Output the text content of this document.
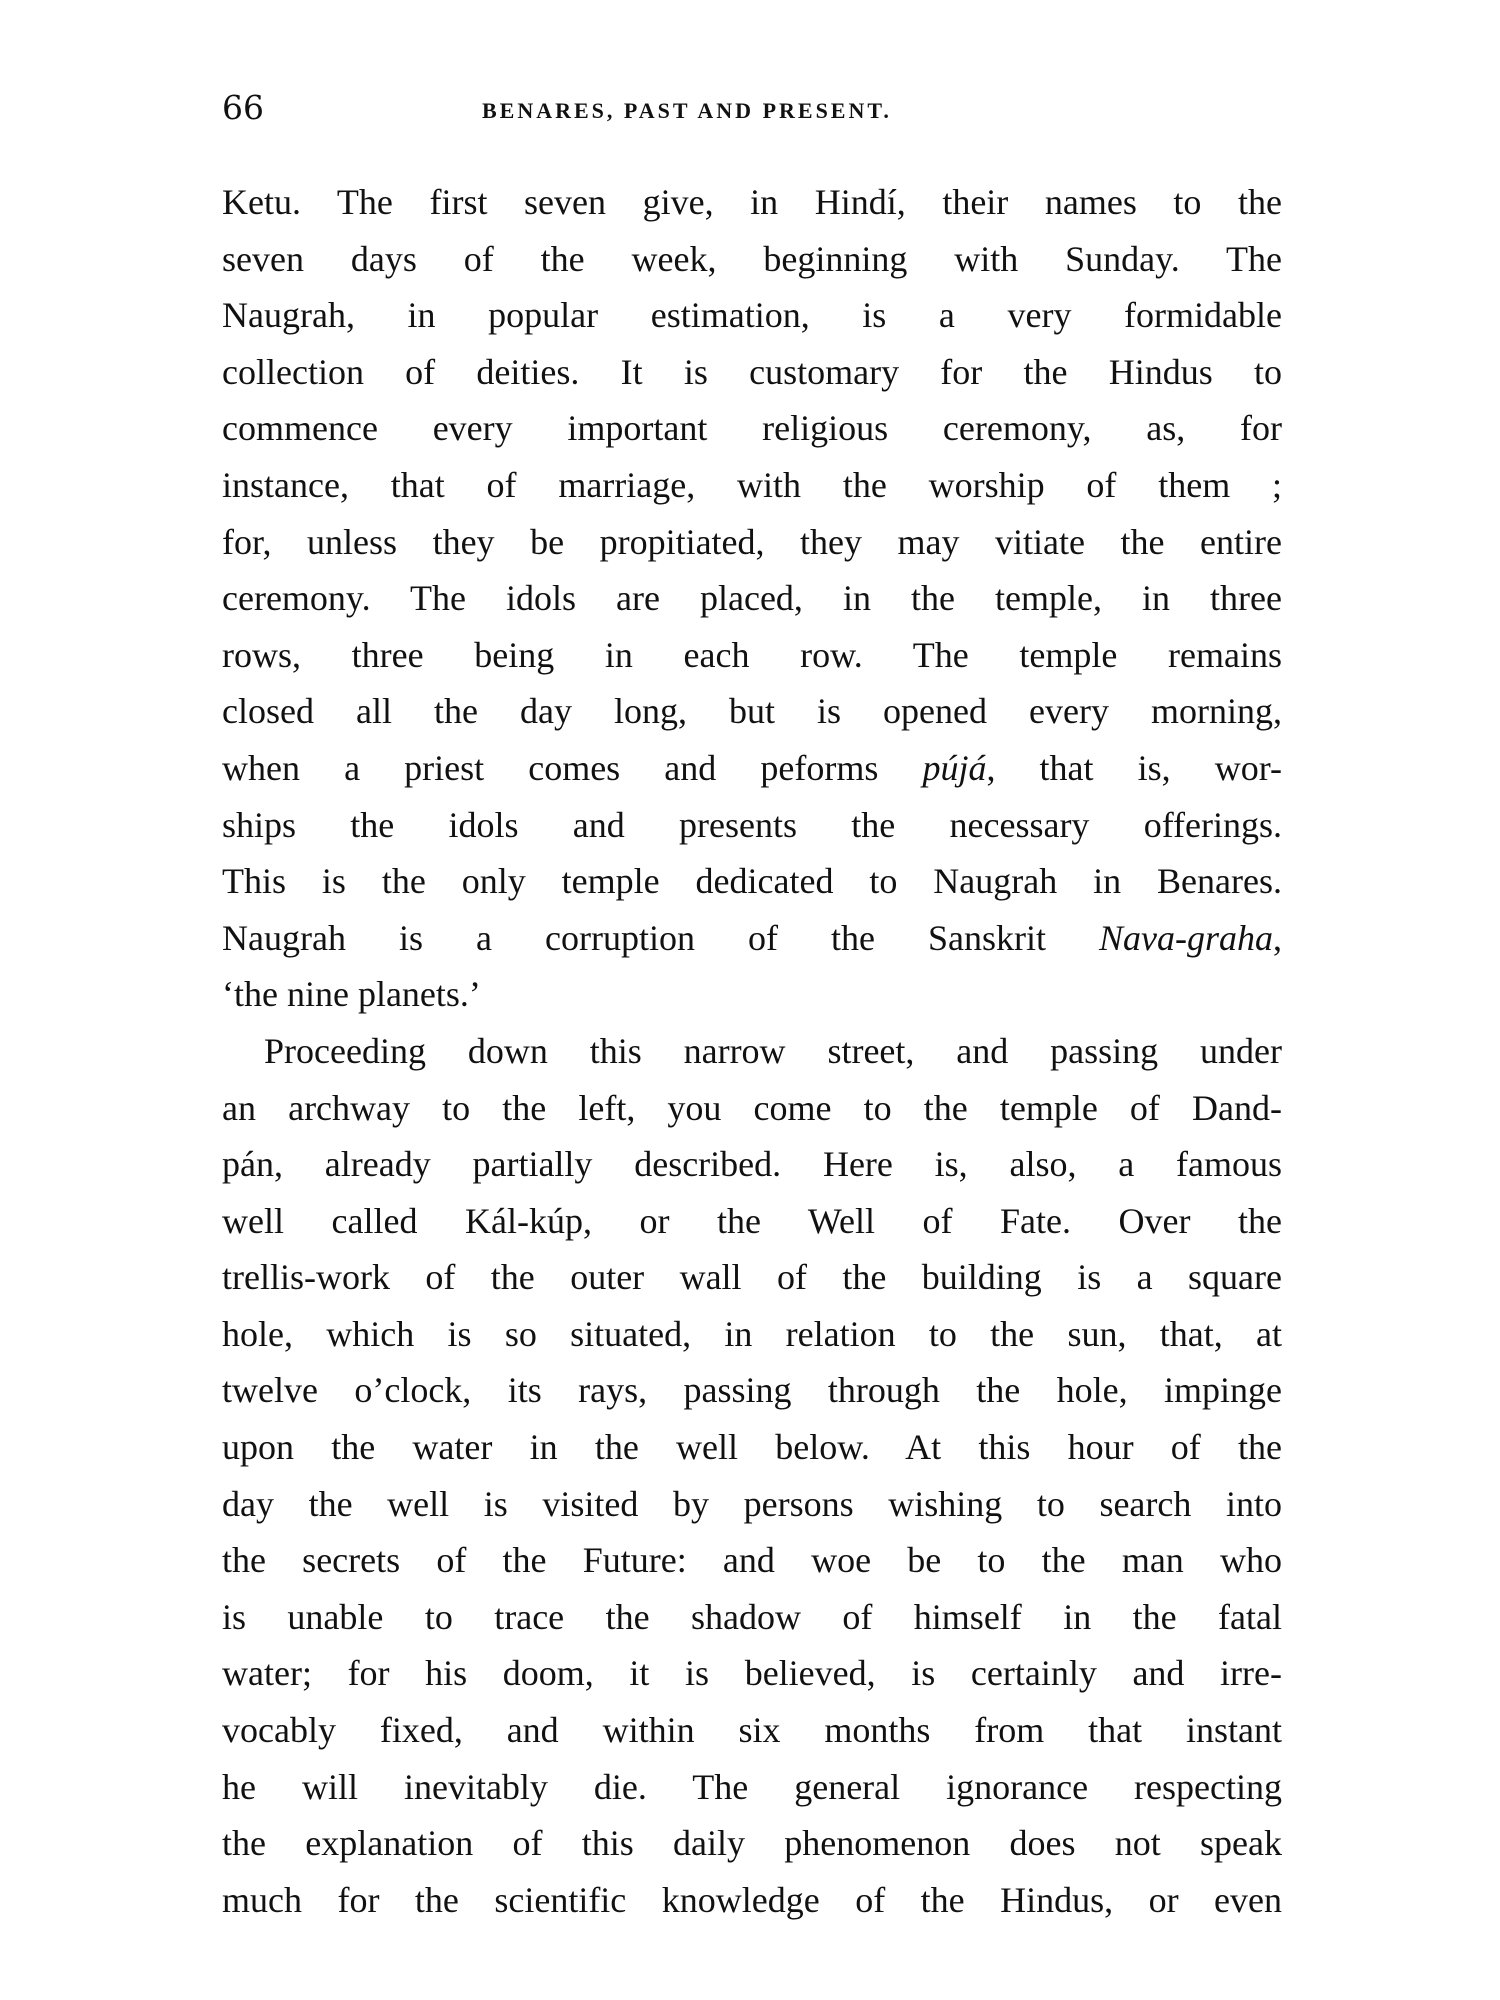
66	BENARES, PAST AND PRESENT.
Ketu. The first seven give, in Hindí, their names to the
seven days of the week, beginning with Sunday. The
Naugrah, in popular estimation, is a very formidable
collection of deities. It is customary for the Hindus to
commence every important religious ceremony, as, for
instance, that of marriage, with the worship of them ;
for, unless they be propitiated, they may vitiate the entire
ceremony. The idols are placed, in the temple, in three
rows, three being in each row. The temple remains
closed all the day long, but is opened every morning,
when a priest comes and peforms pújá, that is, wor-
ships the idols and presents the necessary offerings.
This is the only temple dedicated to Naugrah in Benares.
Naugrah is a corruption of the Sanskrit Nava-graha,
‘the nine planets.’
Proceeding down this narrow street, and passing under
an archway to the left, you come to the temple of Dand-
pán, already partially described. Here is, also, a famous
well called Kál-kúp, or the Well of Fate. Over the
trellis-work of the outer wall of the building is a square
hole, which is so situated, in relation to the sun, that, at
twelve o’clock, its rays, passing through the hole, impinge
upon the water in the well below. At this hour of the
day the well is visited by persons wishing to search into
the secrets of the Future: and woe be to the man who
is unable to trace the shadow of himself in the fatal
water; for his doom, it is believed, is certainly and irre-
vocably fixed, and within six months from that instant
he will inevitably die. The general ignorance respecting
the explanation of this daily phenomenon does not speak
much for the scientific knowledge of the Hindus, or even
